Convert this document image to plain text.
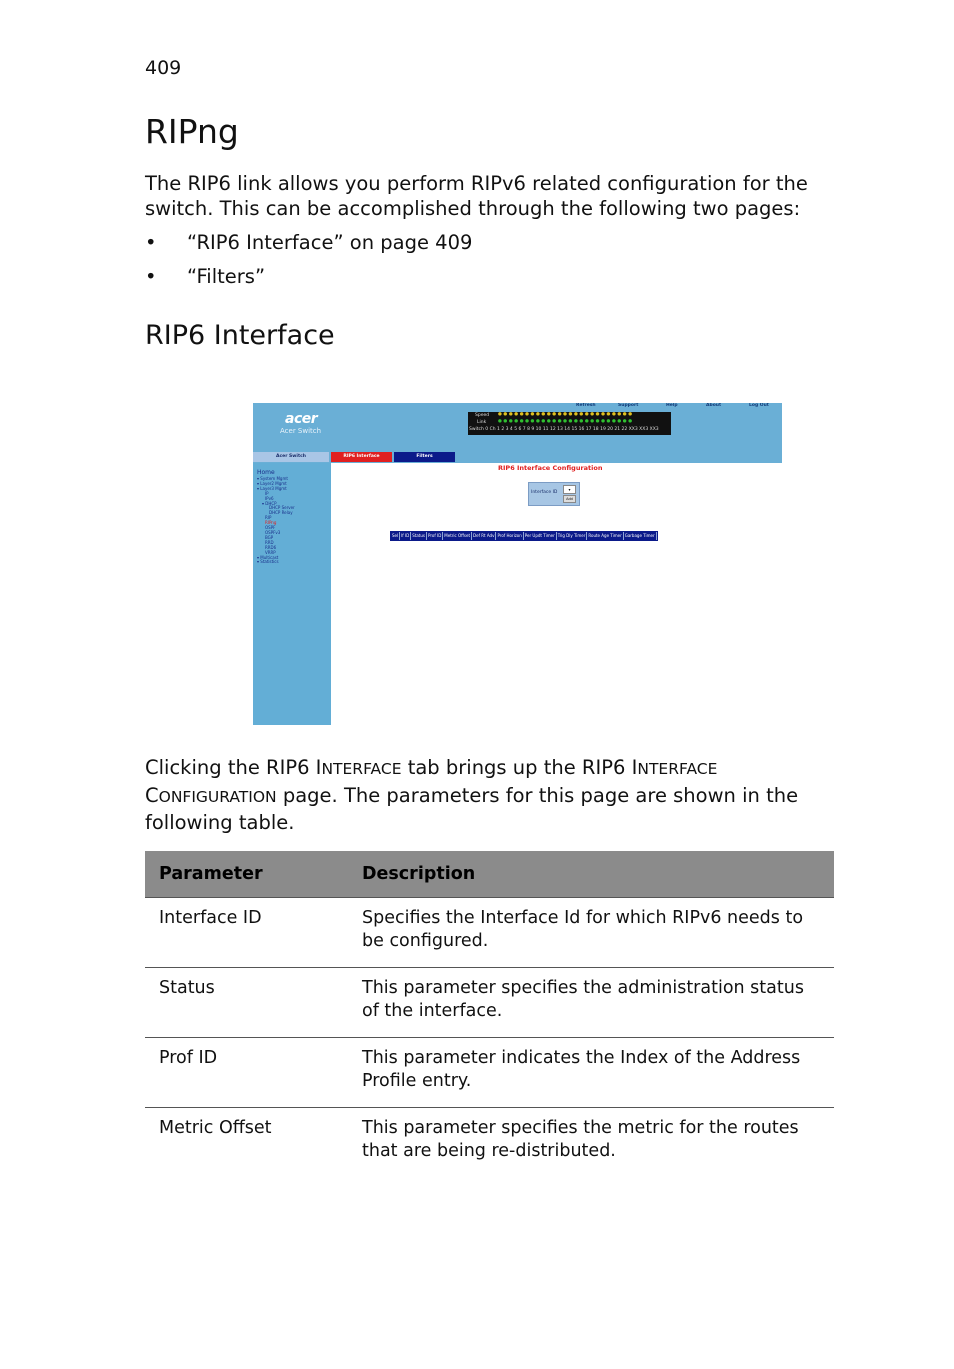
409
RIPng

The RIP6 link allows you perform RIPv6 related configuration for the switch. This can be accomplished through the following two pages:

• “RIP6 Interface” on page 409
• “Filters”
RIP6 Interface
acer
Acer Switch
Speed ●●●●●●●●●●●●●●●●●●●●●●●●●
Link	●●●●●●●●●●●●●●●●●●●●●●●●●
Switch 0 Ch 1 2 3 4 5 6 7 8 9 10 11 12 13 14 15 16 17 18 19 20 21 22 XX3 XX3 XX3
Refresh	Support	Help	About	Log Out
Acer Switch	RIP6 Interface	Filters
Home
▾ System Mgmt
▾ Layer2 Mgmt
▾ Layer3 Mgmt
IP
IPv6
▾ DHCP
DHCP Server
DHCP Relay
RIP
RIPng
OSPF
OSPFv3
BGP
RRD
RRD6
VRRP
▾ Multicast
▾ Statistics
RIP6 Interface Configuration
Interface ID
▾
Add
Sel If ID Status Prof ID Metric Offset Def Rt Adv Prof Horizon Per Updt Timer Trig Dly Timer Route Age Timer Garbage Timer

Clicking the RIP6 INTERFACE tab brings up the RIP6 INTERFACE
CONFIGURATION page. The parameters for this page are shown in the following table.

Parameter	Description
Interface ID	Specifies the Interface Id for which RIPv6 needs to be configured.
Status	This parameter specifies the administration status of the interface.
Prof ID	This parameter indicates the Index of the Address Profile entry.
Metric Offset	This parameter specifies the metric for the routes that are being re-distributed.
